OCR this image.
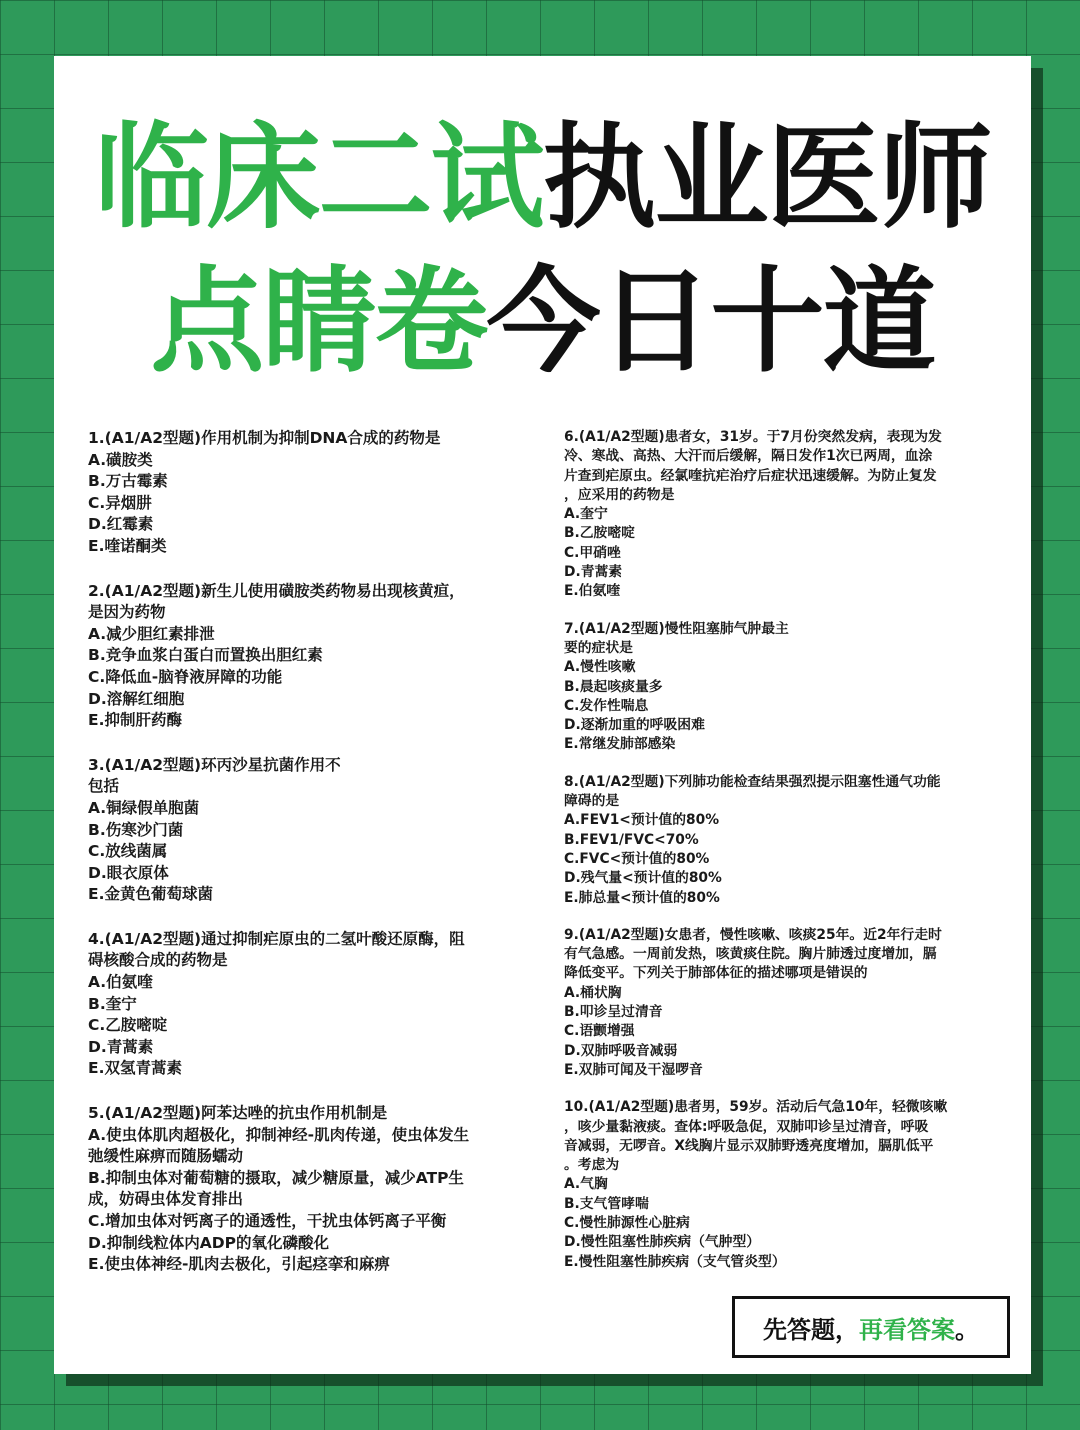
临床二试执业医师
点睛卷今日十道
1.(A1/A2型题)作用机制为抑制DNA合成的药物是
A.磺胺类
B.万古霉素
C.异烟肼
D.红霉素
E.喹诺酮类
2.(A1/A2型题)新生儿使用磺胺类药物易出现核黄疸，
是因为药物
A.减少胆红素排泄
B.竞争血浆白蛋白而置换出胆红素
C.降低血-脑脊液屏障的功能
D.溶解红细胞
E.抑制肝药酶
3.(A1/A2型题)环丙沙星抗菌作用不
包括
A.铜绿假单胞菌
B.伤寒沙门菌
C.放线菌属
D.眼衣原体
E.金黄色葡萄球菌
4.(A1/A2型题)通过抑制疟原虫的二氢叶酸还原酶，阻
碍核酸合成的药物是
A.伯氨喹
B.奎宁
C.乙胺嘧啶
D.青蒿素
E.双氢青蒿素
5.(A1/A2型题)阿苯达唑的抗虫作用机制是
A.使虫体肌肉超极化，抑制神经-肌肉传递，使虫体发生
弛缓性麻痹而随肠蠕动
B.抑制虫体对葡萄糖的摄取，减少糖原量，减少ATP生
成，妨碍虫体发育排出
C.增加虫体对钙离子的通透性，干扰虫体钙离子平衡
D.抑制线粒体内ADP的氧化磷酸化
E.使虫体神经-肌肉去极化，引起痉挛和麻痹
6.(A1/A2型题)患者女，31岁。于7月份突然发病，表现为发
冷、寒战、高热、大汗而后缓解，隔日发作1次已两周，血涂
片查到疟原虫。经氯喹抗疟治疗后症状迅速缓解。为防止复发
，应采用的药物是
A.奎宁
B.乙胺嘧啶
C.甲硝唑
D.青蒿素
E.伯氨喹
7.(A1/A2型题)慢性阻塞肺气肿最主
要的症状是
A.慢性咳嗽
B.晨起咳痰量多
C.发作性喘息
D.逐渐加重的呼吸困难
E.常继发肺部感染
8.(A1/A2型题)下列肺功能检查结果强烈提示阻塞性通气功能
障碍的是
A.FEV1<预计值的80%
B.FEV1/FVC<70%
C.FVC<预计值的80%
D.残气量<预计值的80%
E.肺总量<预计值的80%
9.(A1/A2型题)女患者，慢性咳嗽、咳痰25年。近2年行走时
有气急感。一周前发热，咳黄痰住院。胸片肺透过度增加，膈
降低变平。下列关于肺部体征的描述哪项是错误的
A.桶状胸
B.叩诊呈过清音
C.语颤增强
D.双肺呼吸音减弱
E.双肺可闻及干湿啰音
10.(A1/A2型题)患者男，59岁。活动后气急10年，轻微咳嗽
，咳少量黏液痰。查体:呼吸急促，双肺叩诊呈过清音，呼吸
音减弱，无啰音。X线胸片显示双肺野透亮度增加，膈肌低平
。考虑为
A.气胸
B.支气管哮喘
C.慢性肺源性心脏病
D.慢性阻塞性肺疾病（气肿型）
E.慢性阻塞性肺疾病（支气管炎型）
先答题， 再看答案 。
